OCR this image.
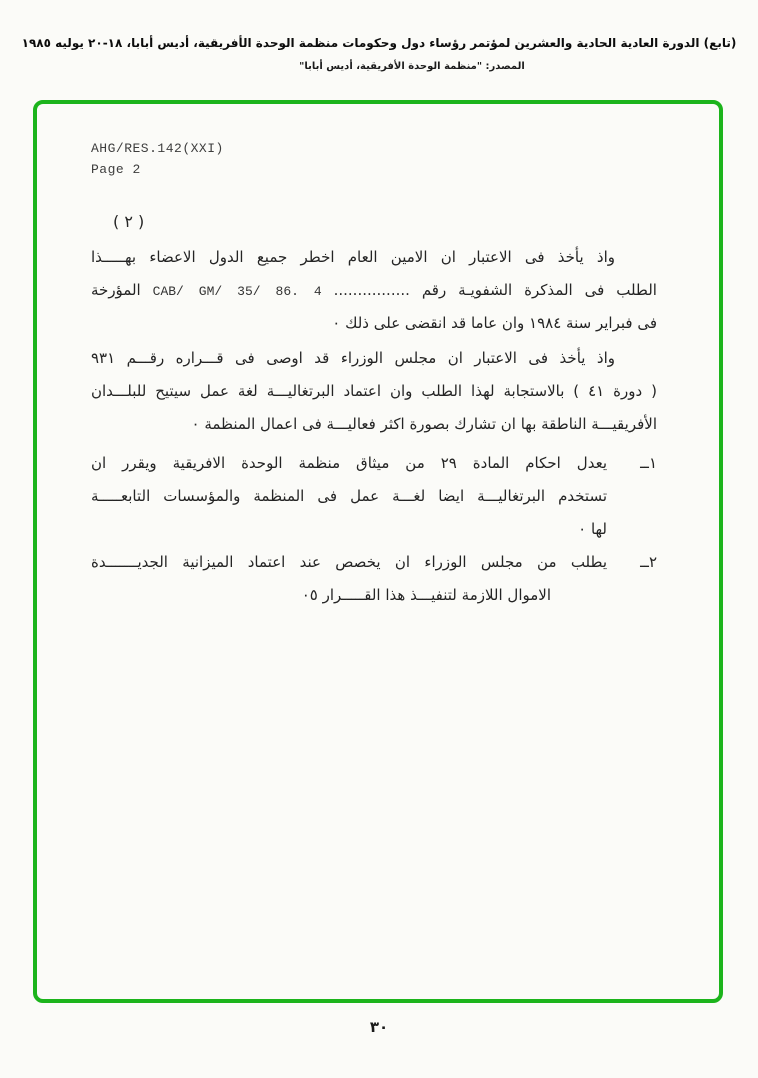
(تابع) الدورة العادية الحادية والعشرين لمؤتمر رؤساء دول وحكومات منظمة الوحدة الأفريقية، أديس أبابا، ١٨-٢٠ يوليه ١٩٨٥
المصدر: "منظمة الوحدة الأفريقية، أديس أبابا"
AHG/RES.142(XXI)
Page 2
( ٢ )
واذ يأخذ فى الاعتبار ان الامين العام اخطر جميع الدول الاعضاء بهـــــذا
الطلب فى المذكرة الشفويـة رقم ................ CAB/ GM/ 35/ 86. 4 المؤرخة
فى فبراير سنة ١٩٨٤ وان عاما قد انقضى على ذلك ٠
واذ يأخذ فى الاعتبار ان مجلس الوزراء قد اوصى فى قـــراره رقـــم ٩٣١
( دورة ٤١ ) بالاستجابة لهذا الطلب وان اعتماد البرتغاليـــة لغة عمل سيتيح للبلـــدان
الأفريقيـــة الناطقة بها ان تشارك بصورة اكثر فعاليـــة فى اعمال المنظمة ٠
١ــ
يعدل احكام المادة ٢٩ من ميثاق منظمة الوحدة الافريقية ويقرر ان
تستخدم البرتغاليـــة ايضا لغـــة عمل فى المنظمة والمؤسسات التابعـــــة
لها ٠
٢ــ
يطلب من مجلس الوزراء ان يخصص عند اعتماد الميزانية الجديـــــــدة
الاموال اللازمة لتنفيـــذ هذا القـــــرار ٠٥
٣٠
